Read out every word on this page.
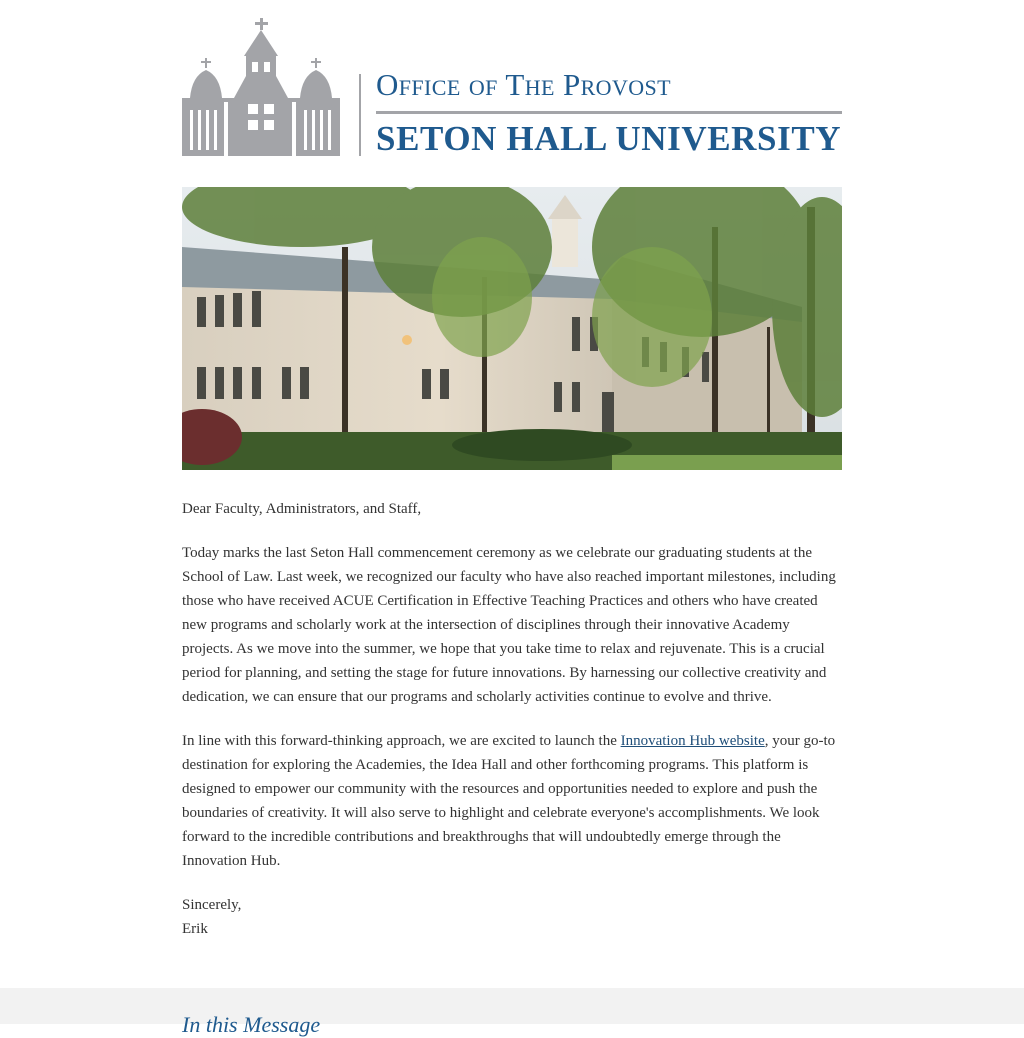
Office of The Provost
SETON HALL UNIVERSITY

Dear Faculty, Administrators, and Staff,

Today marks the last Seton Hall commencement ceremony as we celebrate our graduating students at the School of Law. Last week, we recognized our faculty who have also reached important milestones, including those who have received ACUE Certification in Effective Teaching Practices and others who have created new programs and scholarly work at the intersection of disciplines through their innovative Academy projects. As we move into the summer, we hope that you take time to relax and rejuvenate. This is a crucial period for planning, and setting the stage for future innovations. By harnessing our collective creativity and dedication, we can ensure that our programs and scholarly activities continue to evolve and thrive.

In line with this forward-thinking approach, we are excited to launch the Innovation Hub website, your go-to destination for exploring the Academies, the Idea Hall and other forthcoming programs. This platform is designed to empower our community with the resources and opportunities needed to explore and push the boundaries of creativity. It will also serve to highlight and celebrate everyone's accomplishments. We look forward to the incredible contributions and breakthroughs that will undoubtedly emerge through the Innovation Hub.

Sincerely,

Erik

In this Message
